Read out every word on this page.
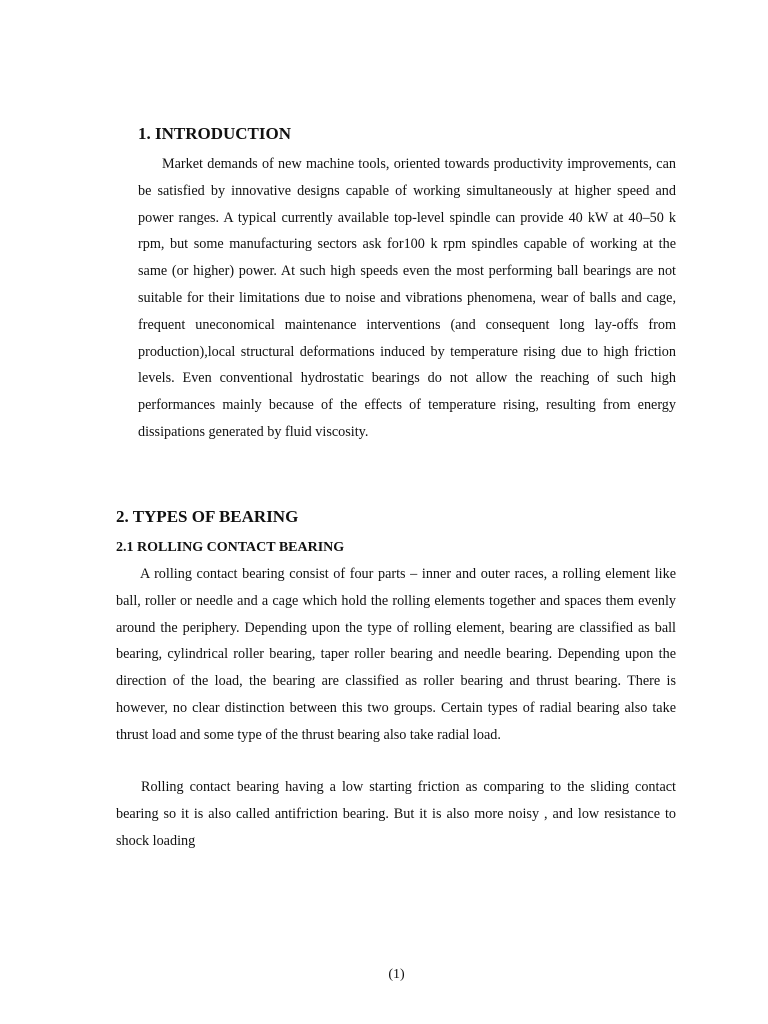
1. INTRODUCTION

Market demands of new machine tools, oriented towards productivity improvements, can be satisfied by innovative designs capable of working simultaneously at higher speed and power ranges. A typical currently available top-level spindle can provide 40 kW at 40–50 k rpm, but some manufacturing sectors ask for100 k rpm spindles capable of working at the same (or higher) power. At such high speeds even the most performing ball bearings are not suitable for their limitations due to noise and vibrations phenomena, wear of balls and cage, frequent uneconomical maintenance interventions (and consequent long lay-offs from production),local structural deformations induced by temperature rising due to high friction levels. Even conventional hydrostatic bearings do not allow the reaching of such high performances mainly because of the effects of temperature rising, resulting from energy dissipations generated by fluid viscosity.

2. TYPES OF BEARING
2.1 ROLLING CONTACT BEARING

A rolling contact bearing consist of four parts – inner and outer races, a rolling element like ball, roller or needle and a cage which hold the rolling elements together and spaces them evenly around the periphery. Depending upon the type of rolling element, bearing are classified as ball bearing, cylindrical roller bearing, taper roller bearing and needle bearing. Depending upon the direction of the load, the bearing are classified as roller bearing and thrust bearing. There is however, no clear distinction between this two groups. Certain types of radial bearing also take thrust load and some type of the thrust bearing also take radial load.

Rolling contact bearing having a low starting friction as comparing to the sliding contact bearing so it is also called antifriction bearing. But it is also more noisy , and low resistance to shock loading

(1)
